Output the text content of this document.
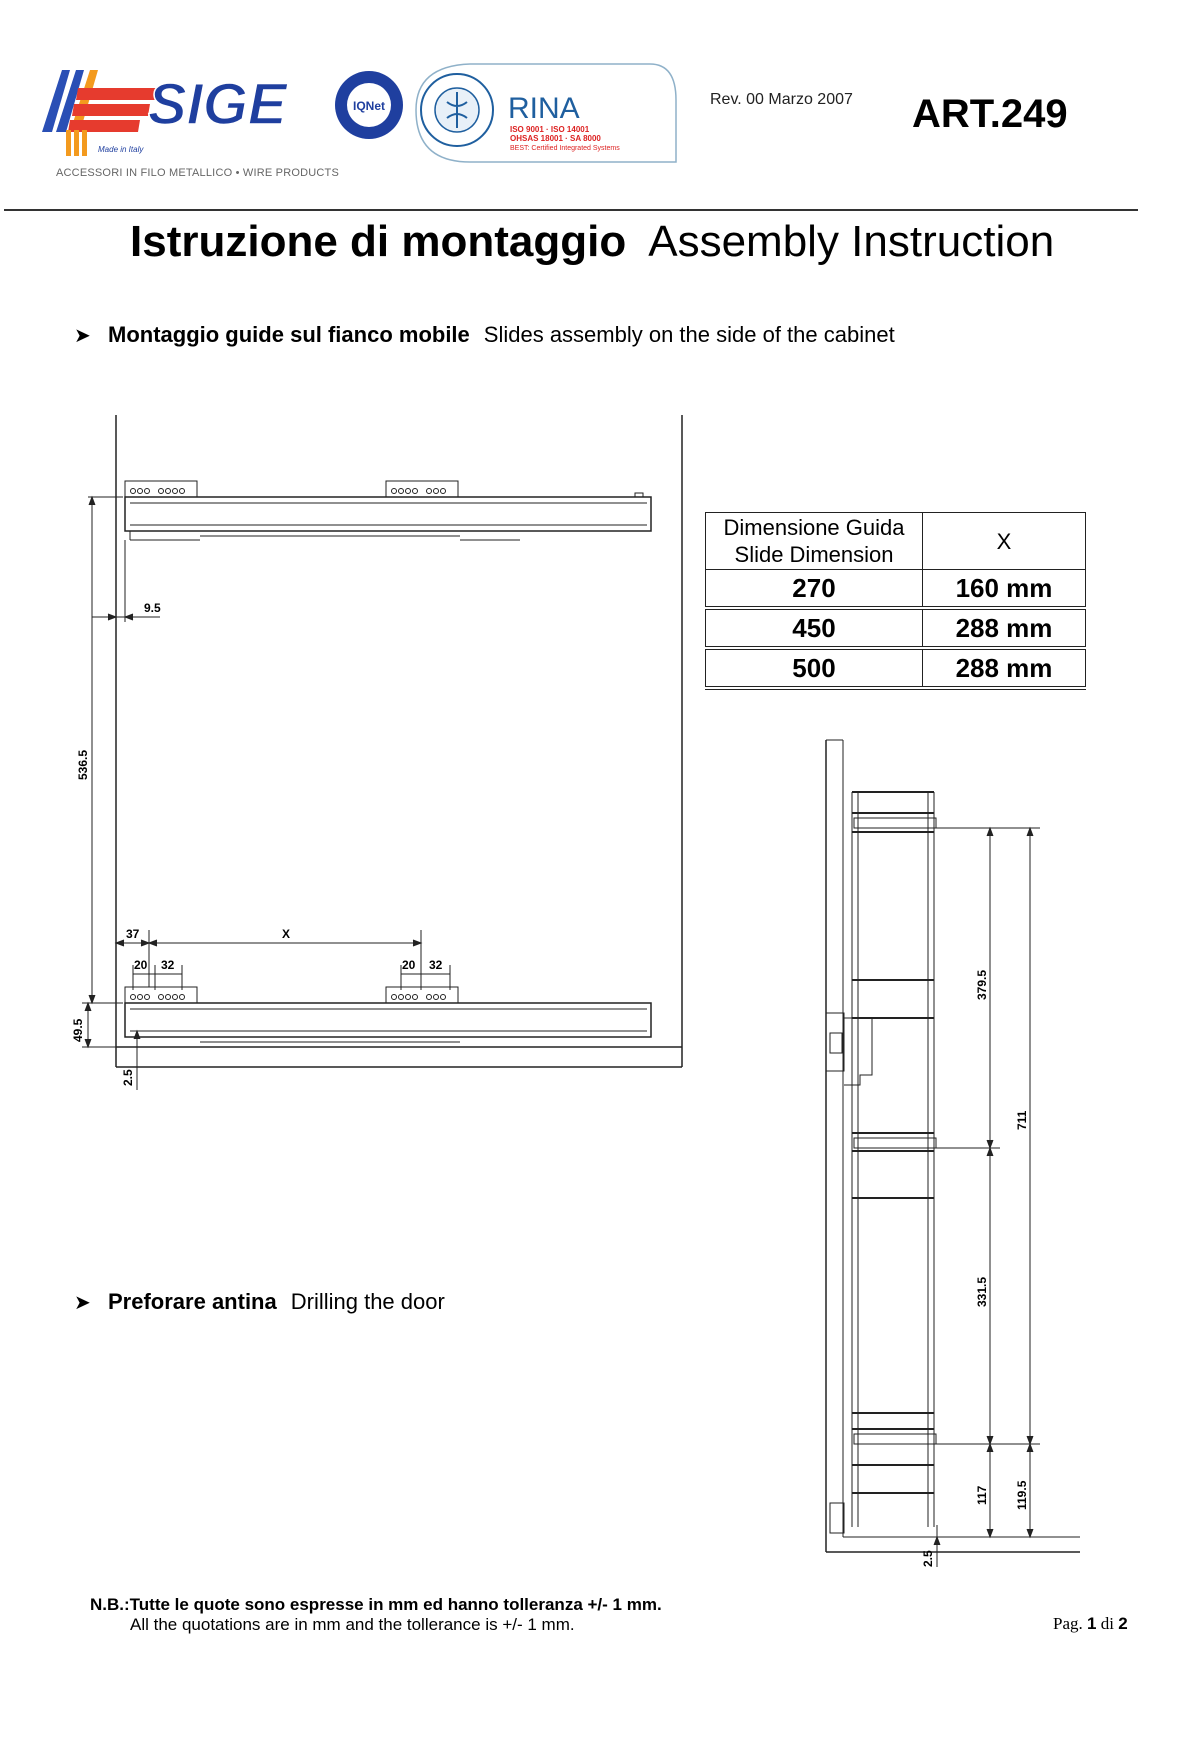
SIGE
Made in Italy
ACCESSORI IN FILO METALLICO • WIRE PRODUCTS
IQNet	RINA
ISO 9001 · ISO 14001
OHSAS 18001 · SA 8000
BEST: Certified Integrated Systems
Rev. 00 Marzo 2007 ART.249
Istruzione di montaggio Assembly Instruction
➤ Montaggio guide sul fianco mobile Slides assembly on the side of the cabinet
536.5
9.5
37	X
20 32	20 32
49.5
2.5
Dimensione Guida
Slide Dimension	X
270	160 mm
450	288 mm
500	288 mm
379.5
711
331.5
117 119.5
2.5
➤ Preforare antina Drilling the door
N.B.:Tutte le quote sono espresse in mm ed hanno tolleranza +/- 1 mm.
All the quotations are in mm and the tollerance is +/- 1 mm.	Pag. 1 di 2
